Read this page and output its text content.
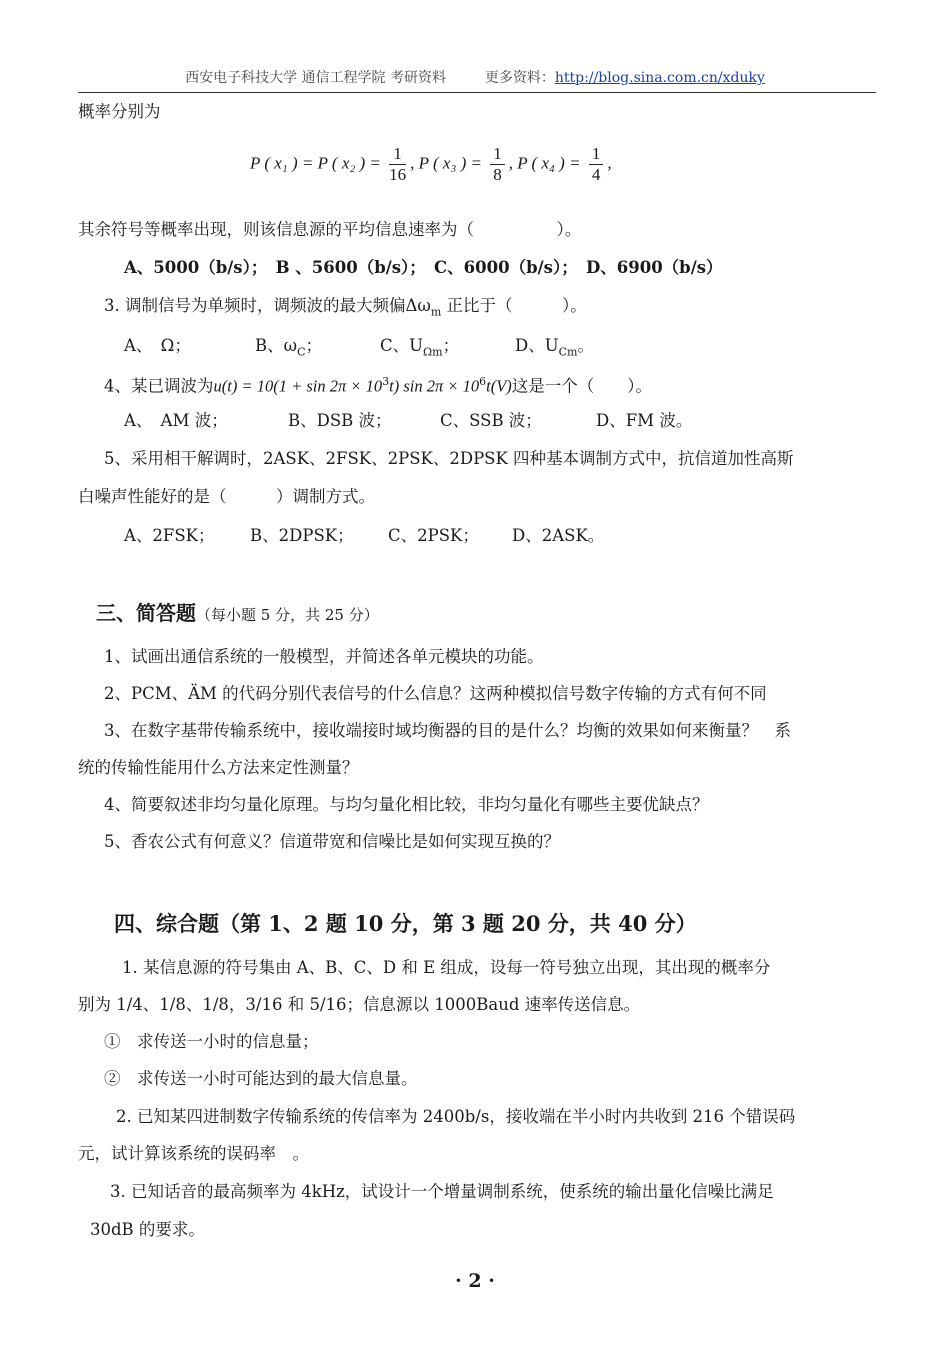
西安电子科技大学 通信工程学院 考研资料	更多资料：http://blog.sina.com.cn/xduky
概率分别为
P ( x₁ ) = P ( x₂ ) = $\frac{1}{16}$ , P ( x₃ ) = $\frac{1}{8}$ , P ( x₄ ) = $\frac{1}{4}$ ,
其余符号等概率出现，则该信息源的平均信息速率为（　　　　　）。
A、5000（b/s）；　B 、5600（b/s）；　C、6000（b/s）；　D、6900（b/s）
3. 调制信号为单频时，调频波的最大频偏$\Delta\omega_m$ 正比于（　　　）。
A、　Ω；	B、$\omega_C$；	C、$U_{\Omega m}$；	D、$U_{Cm}$。
4、某已调波为$u(t) = 10(1 + \sin 2\pi \times 10^3t)$ $\sin 2\pi \times 10^6t(V)$这是一个（　　）。
A、　AM 波；	B、DSB 波；	C、SSB 波；	D、FM 波。
5、采用相干解调时，2ASK、2FSK、2PSK、2DPSK 四种基本调制方式中，抗信道加性高斯
白噪声性能好的是（　　　）调制方式。
A、2FSK； B、2DPSK； C、2PSK； D、2ASK。
三、简答题（每小题 5 分，共 25 分）
1、试画出通信系统的一般模型，并简述各单元模块的功能。
2、PCM、ÄM 的代码分别代表信号的什么信息？这两种模拟信号数字传输的方式有何不同
3、在数字基带传输系统中，接收端接时域均衡器的目的是什么？均衡的效果如何来衡量？　系
统的传输性能用什么方法来定性测量？
4、简要叙述非均匀量化原理。与均匀量化相比较，非均匀量化有哪些主要优缺点？
5、香农公式有何意义？信道带宽和信噪比是如何实现互换的？
四、综合题（第 1、2 题 10 分，第 3 题 20 分，共 40 分）
1. 某信息源的符号集由 A、B、C、D 和 E 组成，设每一符号独立出现，其出现的概率分
别为 1/4、1/8、1/8，3/16 和 5/16；信息源以 1000Baud 速率传送信息。
①　求传送一小时的信息量；
②　求传送一小时可能达到的最大信息量。
2. 已知某四进制数字传输系统的传信率为 2400b/s，接收端在半小时内共收到 216 个错误码
元，试计算该系统的误码率　。
3. 已知话音的最高频率为 4kHz，试设计一个增量调制系统，使系统的输出量化信噪比满足
30dB 的要求。
· 2 ·
